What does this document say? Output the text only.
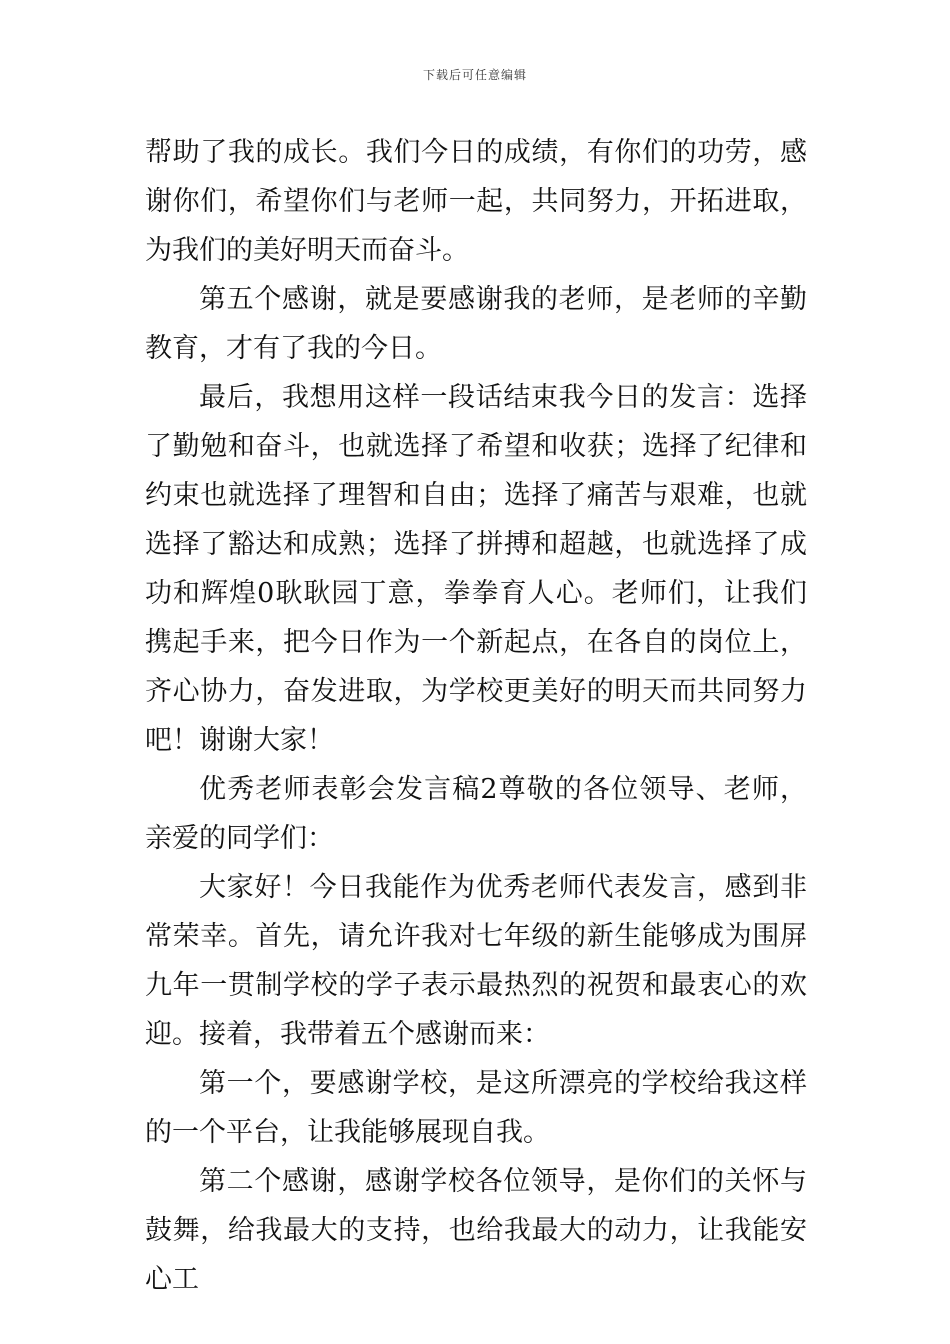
下载后可任意编辑

帮助了我的成长。我们今日的成绩，有你们的功劳，感谢你们，希望你们与老师一起，共同努力，开拓进取，为我们的美好明天而奋斗。

第五个感谢，就是要感谢我的老师，是老师的辛勤教育，才有了我的今日。

最后，我想用这样一段话结束我今日的发言：选择了勤勉和奋斗，也就选择了希望和收获；选择了纪律和约束也就选择了理智和自由；选择了痛苦与艰难，也就选择了豁达和成熟；选择了拼搏和超越，也就选择了成功和辉煌0耿耿园丁意，拳拳育人心。老师们，让我们携起手来，把今日作为一个新起点，在各自的岗位上，齐心协力，奋发进取，为学校更美好的明天而共同努力吧！谢谢大家！

优秀老师表彰会发言稿2尊敬的各位领导、老师，亲爱的同学们：

大家好！今日我能作为优秀老师代表发言，感到非常荣幸。首先，请允许我对七年级的新生能够成为围屏九年一贯制学校的学子表示最热烈的祝贺和最衷心的欢迎。接着，我带着五个感谢而来：

第一个，要感谢学校，是这所漂亮的学校给我这样的一个平台，让我能够展现自我。

第二个感谢，感谢学校各位领导，是你们的关怀与鼓舞，给我最大的支持，也给我最大的动力，让我能安心工
